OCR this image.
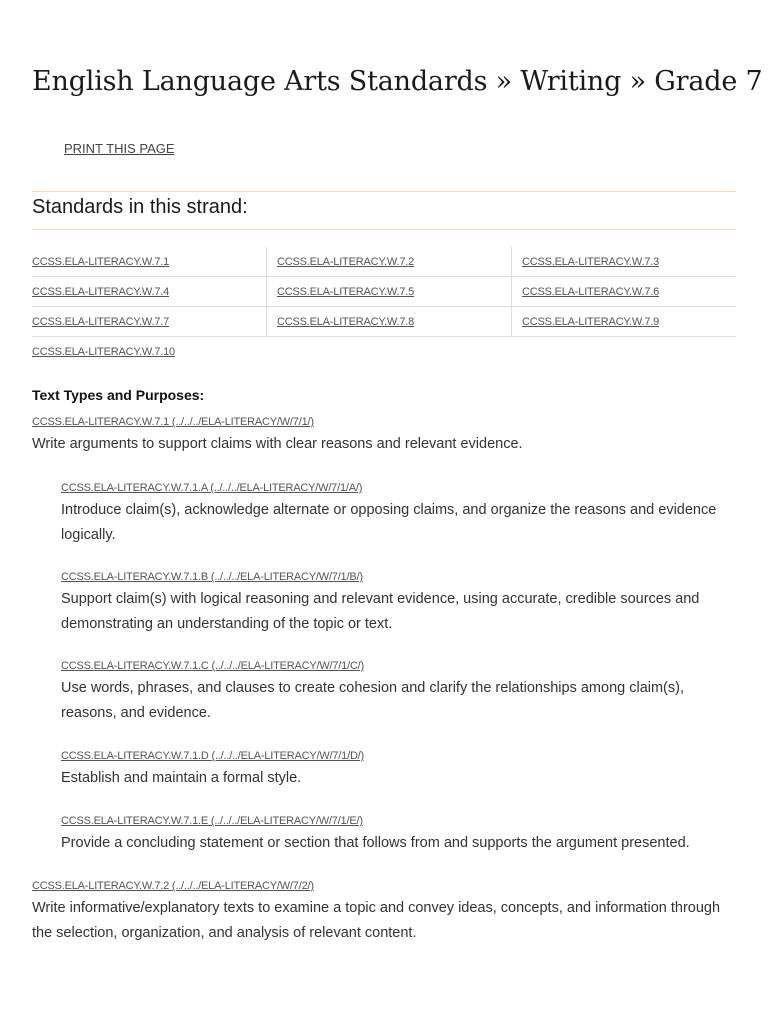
English Language Arts Standards » Writing » Grade 7
PRINT THIS PAGE
Standards in this strand:
CCSS.ELA-LITERACY.W.7.1	CCSS.ELA-LITERACY.W.7.2	CCSS.ELA-LITERACY.W.7.3
CCSS.ELA-LITERACY.W.7.4	CCSS.ELA-LITERACY.W.7.5	CCSS.ELA-LITERACY.W.7.6
CCSS.ELA-LITERACY.W.7.7	CCSS.ELA-LITERACY.W.7.8	CCSS.ELA-LITERACY.W.7.9
CCSS.ELA-LITERACY.W.7.10		
Text Types and Purposes:
CCSS.ELA-LITERACY.W.7.1 (../../../ELA-LITERACY/W/7/1/)
Write arguments to support claims with clear reasons and relevant evidence.
CCSS.ELA-LITERACY.W.7.1.A (../../../ELA-LITERACY/W/7/1/A/)
Introduce claim(s), acknowledge alternate or opposing claims, and organize the reasons and evidence logically.
CCSS.ELA-LITERACY.W.7.1.B (../../../ELA-LITERACY/W/7/1/B/)
Support claim(s) with logical reasoning and relevant evidence, using accurate, credible sources and demonstrating an understanding of the topic or text.
CCSS.ELA-LITERACY.W.7.1.C (../../../ELA-LITERACY/W/7/1/C/)
Use words, phrases, and clauses to create cohesion and clarify the relationships among claim(s), reasons, and evidence.
CCSS.ELA-LITERACY.W.7.1.D (../../../ELA-LITERACY/W/7/1/D/)
Establish and maintain a formal style.
CCSS.ELA-LITERACY.W.7.1.E (../../../ELA-LITERACY/W/7/1/E/)
Provide a concluding statement or section that follows from and supports the argument presented.
CCSS.ELA-LITERACY.W.7.2 (../../../ELA-LITERACY/W/7/2/)
Write informative/explanatory texts to examine a topic and convey ideas, concepts, and information through the selection, organization, and analysis of relevant content.
